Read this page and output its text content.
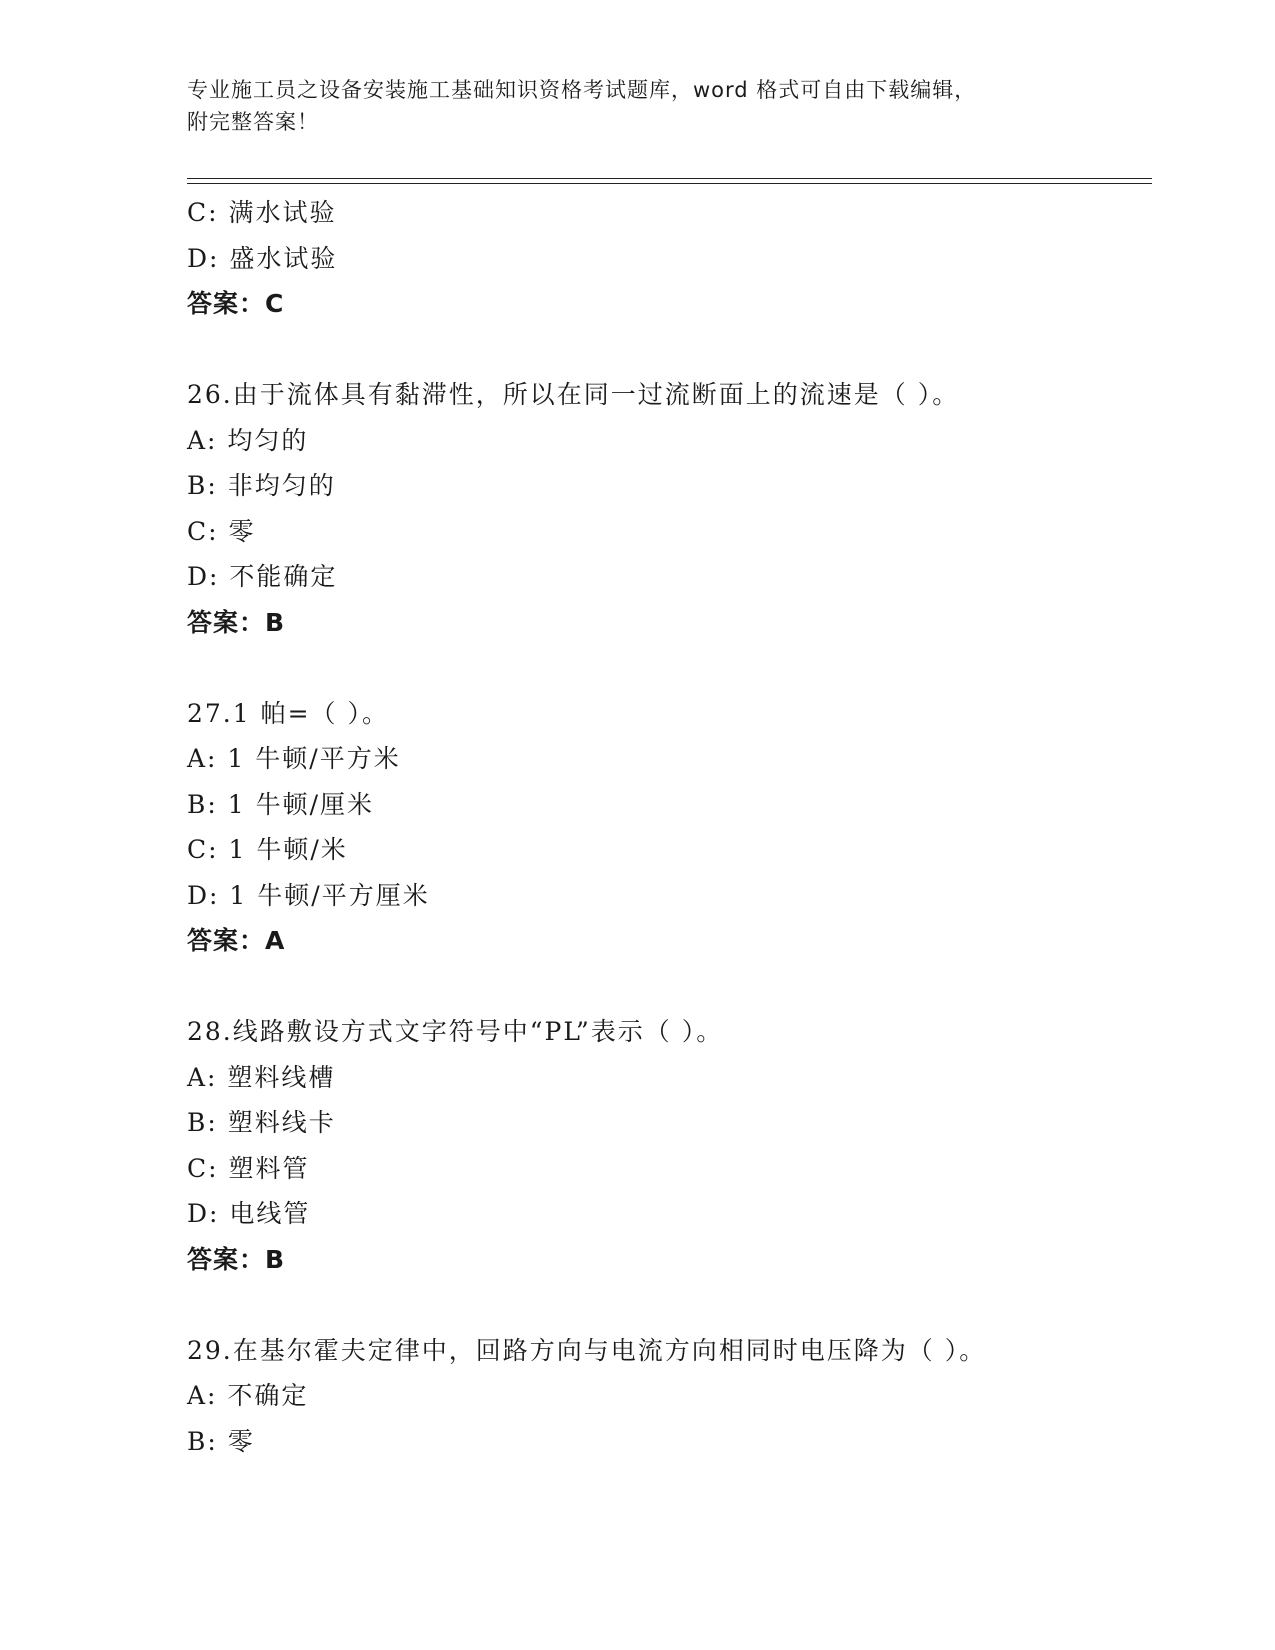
专业施工员之设备安装施工基础知识资格考试题库，word 格式可自由下载编辑，
附完整答案！
C: 满水试验
D: 盛水试验
答案：C
26.由于流体具有黏滞性，所以在同一过流断面上的流速是（ ）。
A: 均匀的
B: 非均匀的
C: 零
D: 不能确定
答案：B
27.1 帕=（ ）。
A: 1 牛顿/平方米
B: 1 牛顿/厘米
C: 1 牛顿/米
D: 1 牛顿/平方厘米
答案：A
28.线路敷设方式文字符号中“PL”表示（ ）。
A: 塑料线槽
B: 塑料线卡
C: 塑料管
D: 电线管
答案：B
29.在基尔霍夫定律中，回路方向与电流方向相同时电压降为（ ）。
A: 不确定
B: 零
